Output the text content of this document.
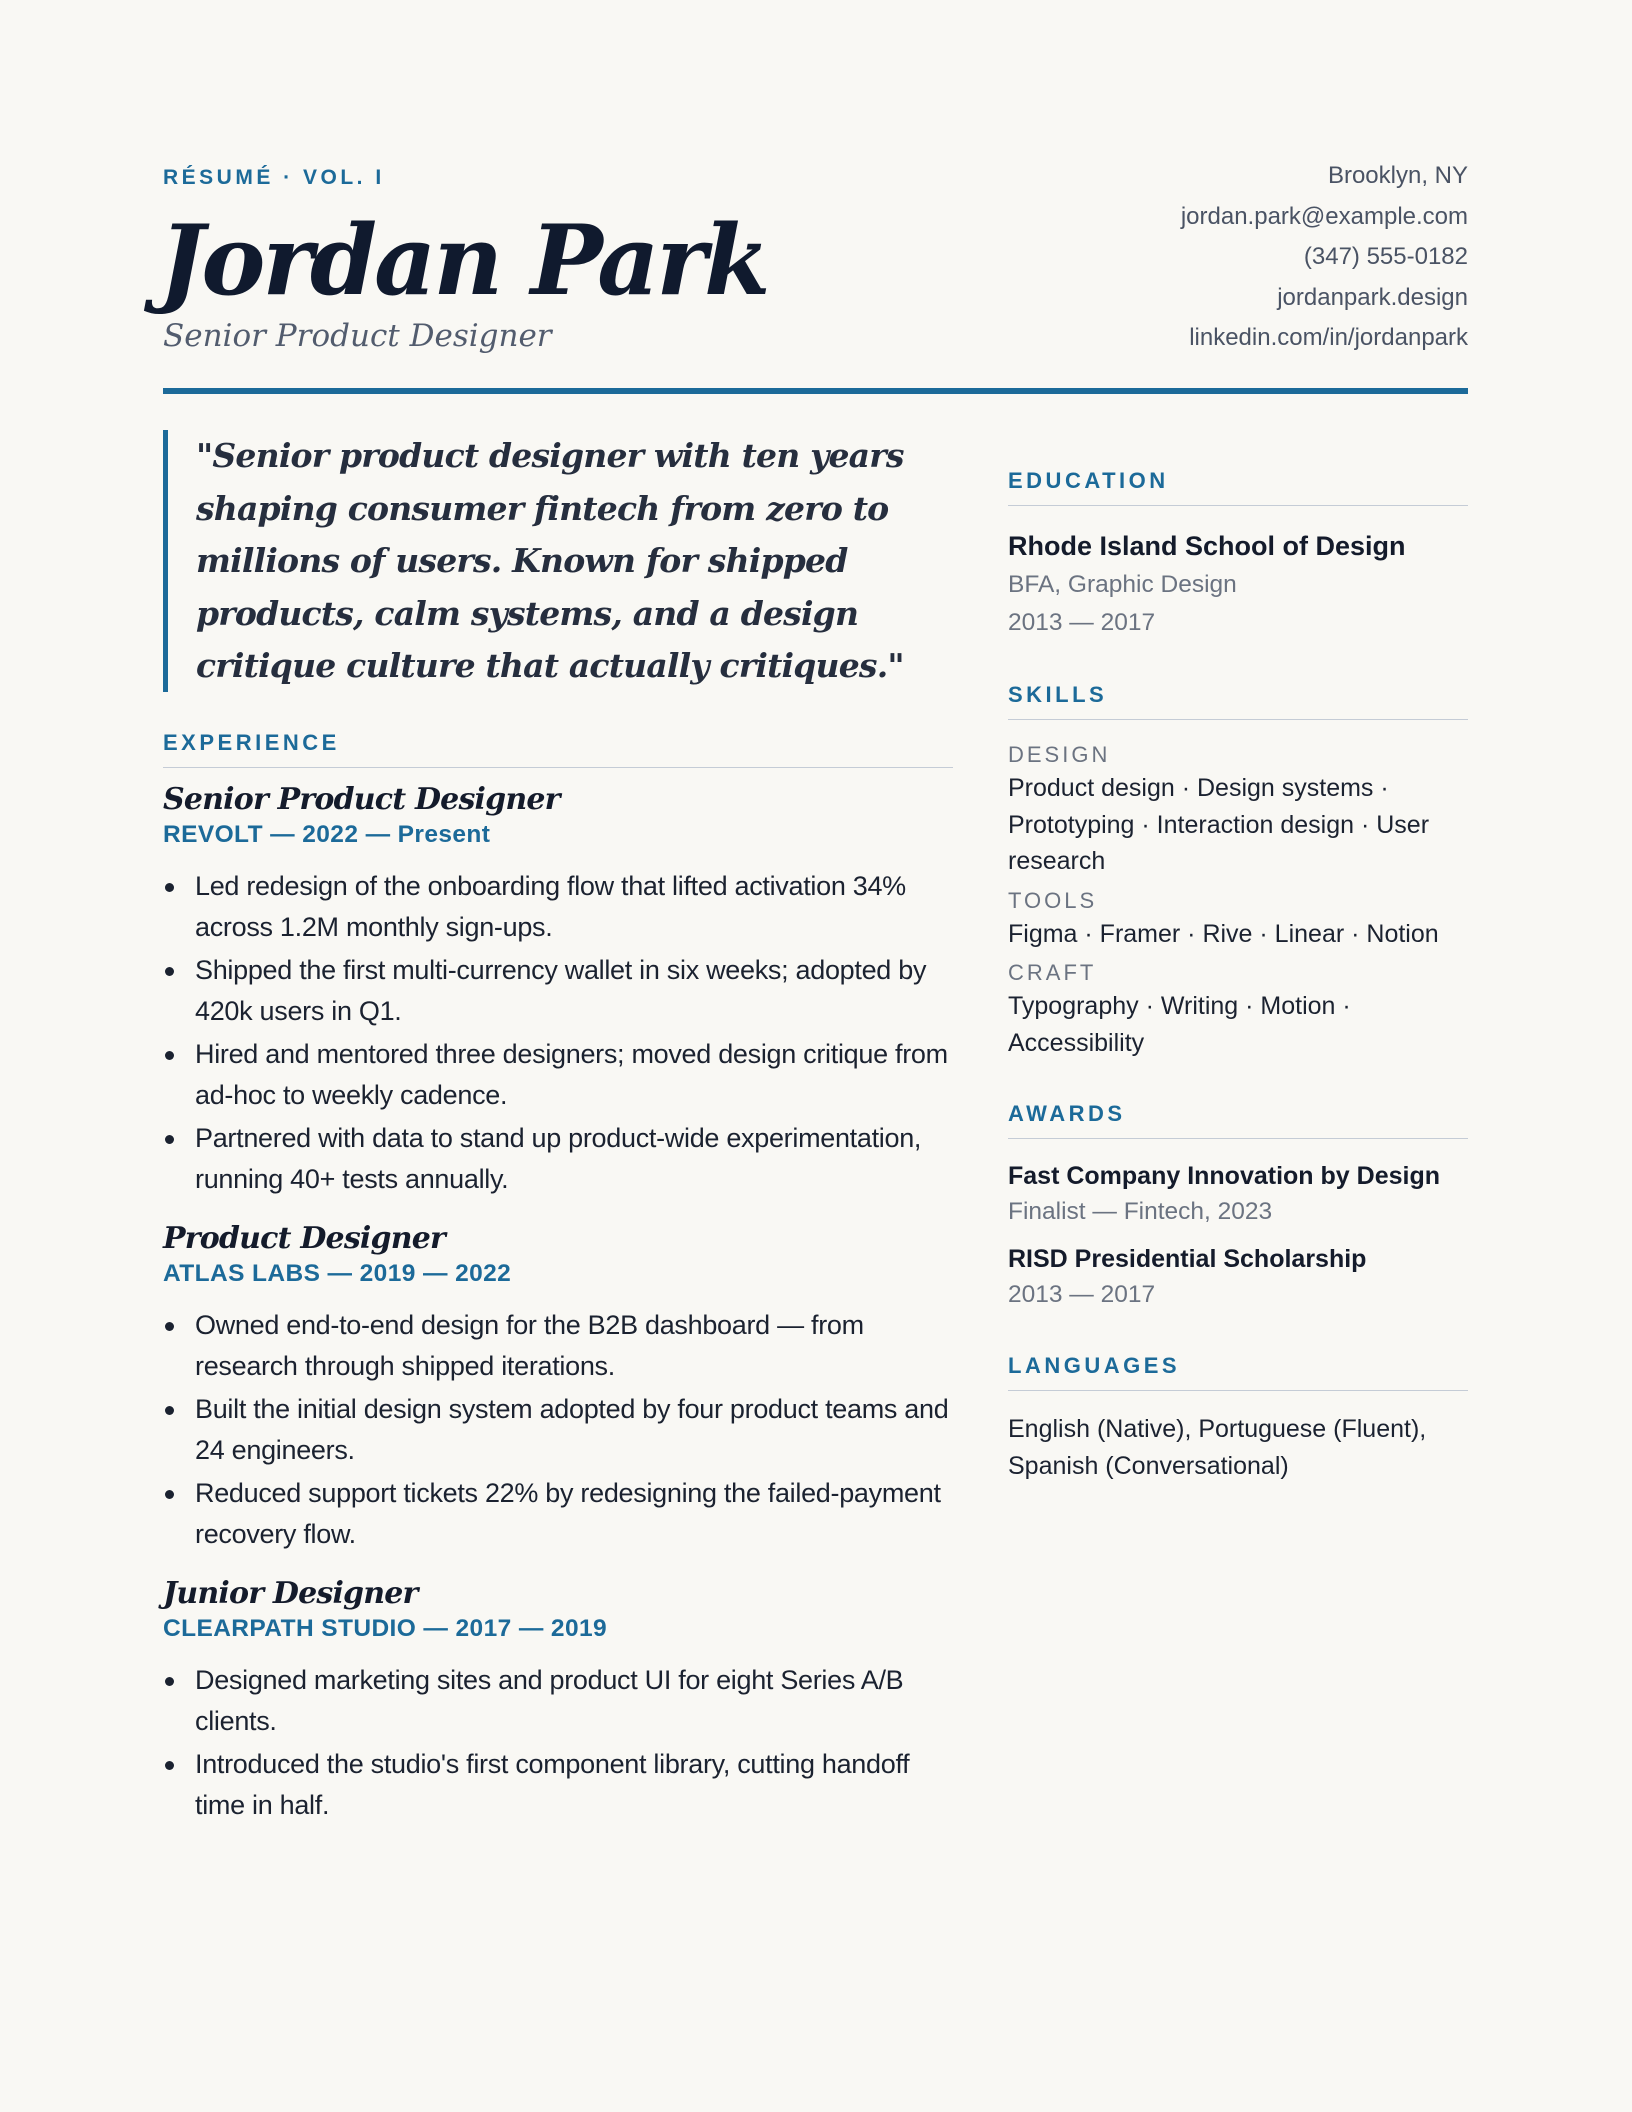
RÉSUMÉ · VOL. I
Jordan Park
Senior Product Designer
Brooklyn, NY
jordan.park@example.com
(347) 555-0182
jordanpark.design
linkedin.com/in/jordanpark
"Senior product designer with ten years shaping consumer fintech from zero to millions of users. Known for shipped products, calm systems, and a design critique culture that actually critiques."
EXPERIENCE
Senior Product Designer
REVOLT — 2022 — Present
Led redesign of the onboarding flow that lifted activation 34% across 1.2M monthly sign-ups.
Shipped the first multi-currency wallet in six weeks; adopted by 420k users in Q1.
Hired and mentored three designers; moved design critique from ad-hoc to weekly cadence.
Partnered with data to stand up product-wide experimentation, running 40+ tests annually.
Product Designer
ATLAS LABS — 2019 — 2022
Owned end-to-end design for the B2B dashboard — from research through shipped iterations.
Built the initial design system adopted by four product teams and 24 engineers.
Reduced support tickets 22% by redesigning the failed-payment recovery flow.
Junior Designer
CLEARPATH STUDIO — 2017 — 2019
Designed marketing sites and product UI for eight Series A/B clients.
Introduced the studio's first component library, cutting handoff time in half.
EDUCATION
Rhode Island School of Design
BFA, Graphic Design
2013 — 2017
SKILLS
DESIGN
Product design · Design systems · Prototyping · Interaction design · User research
TOOLS
Figma · Framer · Rive · Linear · Notion
CRAFT
Typography · Writing · Motion · Accessibility
AWARDS
Fast Company Innovation by Design
Finalist — Fintech, 2023
RISD Presidential Scholarship
2013 — 2017
LANGUAGES
English (Native), Portuguese (Fluent), Spanish (Conversational)
